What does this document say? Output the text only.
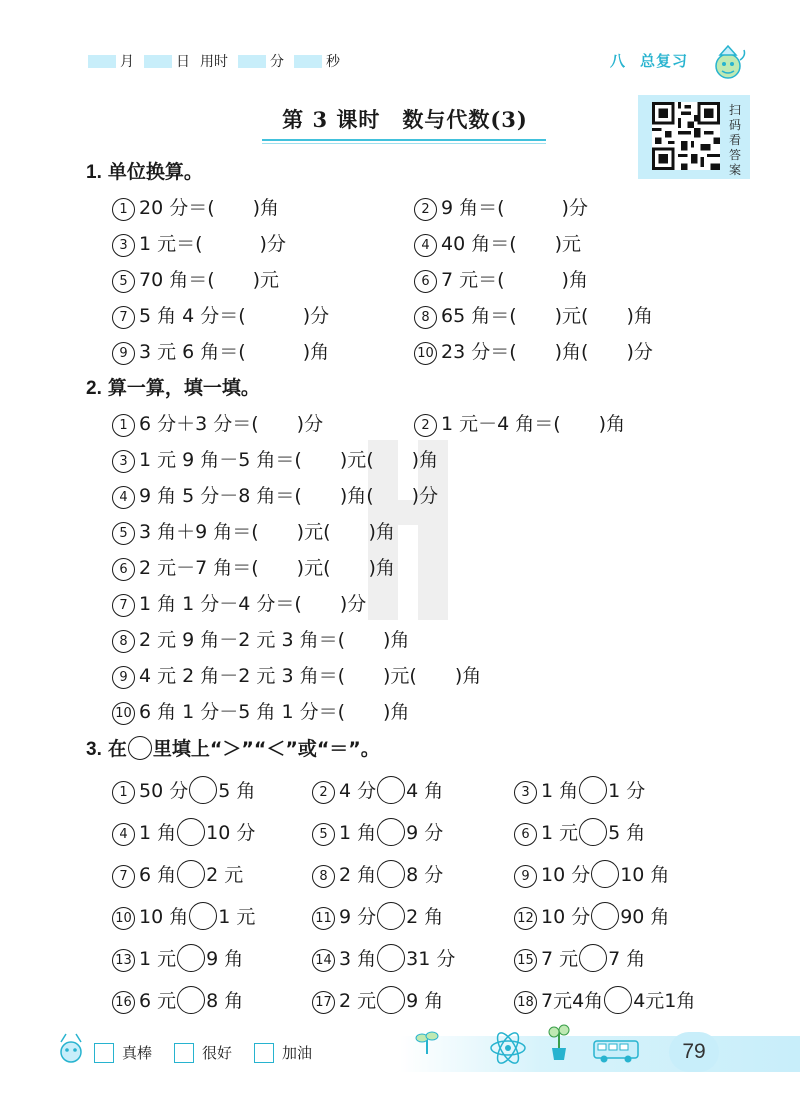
月	日 用时	分	秒	八 总复习
第 3 课时　数与代数(3)	扫
码
看
答
案
1. 单位换算。
1 20 分＝(　　)角	2 9 角＝(　　　)分
3 1 元＝(　　　)分	4 40 角＝(　　)元
5 70 角＝(　　)元	6 7 元＝(　　　)角
7 5 角 4 分＝(　　　)分	8 65 角＝(　　)元(　　)角
9 3 元 6 角＝(　　　)角	10 23 分＝(　　)角(　　)分
2. 算一算，填一填。
1 6 分＋3 分＝(　　)分	2 1 元－4 角＝(　　)角
3 1 元 9 角－5 角＝(　　)元(　　)角
4 9 角 5 分－8 角＝(　　)角(　　)分
5 3 角＋9 角＝(　　)元(　　)角
6 2 元－7 角＝(　　)元(　　)角
7 1 角 1 分－4 分＝(　　)分
8 2 元 9 角－2 元 3 角＝(　　)角
9 4 元 2 角－2 元 3 角＝(　　)元(　　)角
10 6 角 1 分－5 角 1 分＝(　　)角
3. 在 里填上“＞”“＜”或“＝”。
1 50 分 5 角	2 4 分 4 角	3 1 角 1 分
4 1 角 10 分	5 1 角 9 分	6 1 元 5 角
7 6 角 2 元	8 2 角 8 分	9 10 分 10 角
10 10 角 1 元	11 9 分 2 角	12 10 分 90 角
13 1 元 9 角	14 3 角 31 分	15 7 元 7 角
16 6 元 8 角	17 2 元 9 角	18 7元4角 4元1角
真棒	很好	加油	79
